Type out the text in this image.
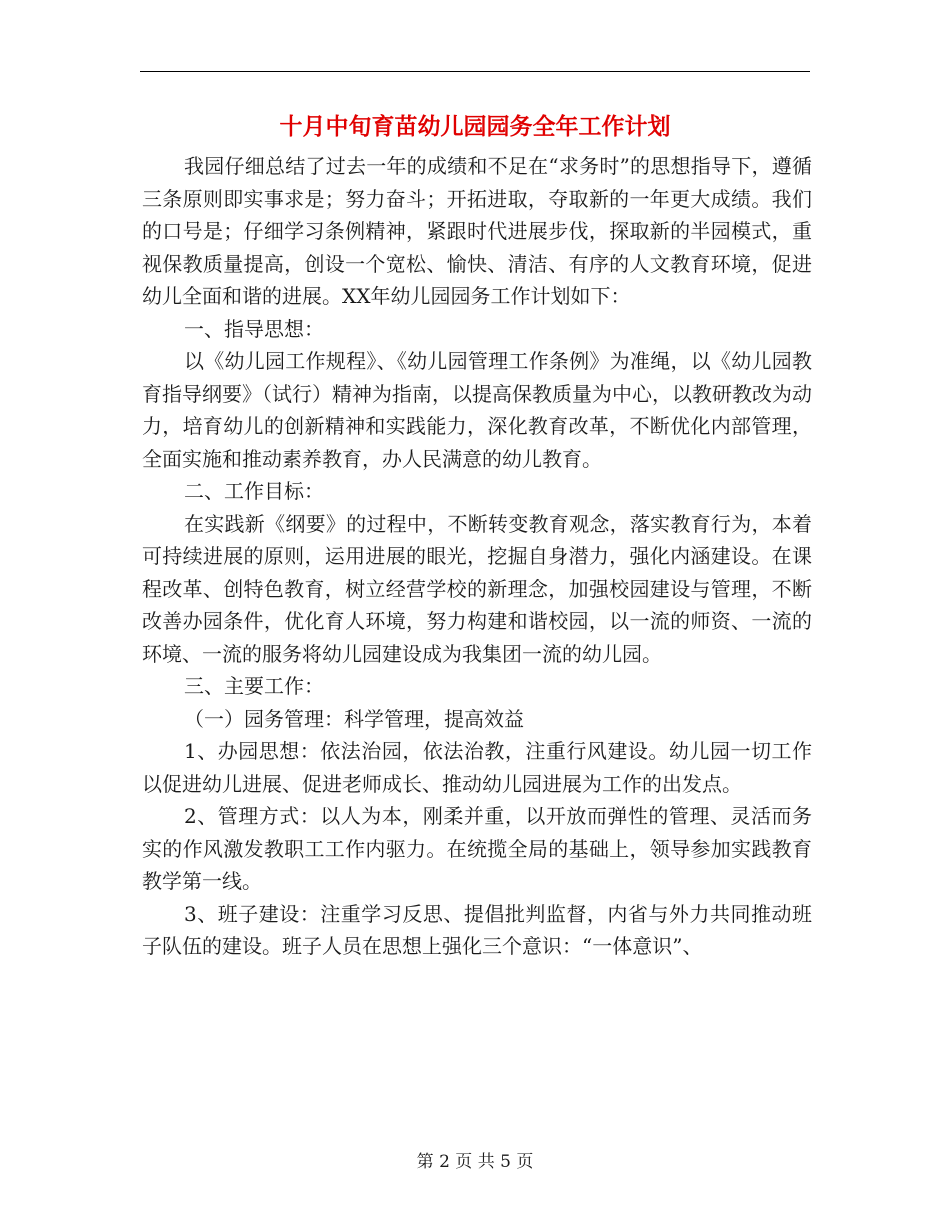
十月中旬育苗幼儿园园务全年工作计划

我园仔细总结了过去一年的成绩和不足在“求务时”的思想指导下，遵循三条原则即实事求是；努力奋斗；开拓进取，夺取新的一年更大成绩。我们的口号是；仔细学习条例精神，紧跟时代进展步伐，探取新的半园模式，重视保教质量提高，创设一个宽松、愉快、清洁、有序的人文教育环境，促进幼儿全面和谐的进展。XX年幼儿园园务工作计划如下：

一、指导思想：

以《幼儿园工作规程》、《幼儿园管理工作条例》为准绳，以《幼儿园教育指导纲要》（试行）精神为指南，以提高保教质量为中心，以教研教改为动力，培育幼儿的创新精神和实践能力，深化教育改革，不断优化内部管理，全面实施和推动素养教育，办人民满意的幼儿教育。

二、工作目标：

在实践新《纲要》的过程中，不断转变教育观念，落实教育行为，本着可持续进展的原则，运用进展的眼光，挖掘自身潜力，强化内涵建设。在课程改革、创特色教育，树立经营学校的新理念，加强校园建设与管理，不断改善办园条件，优化育人环境，努力构建和谐校园，以一流的师资、一流的环境、一流的服务将幼儿园建设成为我集团一流的幼儿园。

三、主要工作：

（一）园务管理：科学管理，提高效益

1、办园思想：依法治园，依法治教，注重行风建设。幼儿园一切工作以促进幼儿进展、促进老师成长、推动幼儿园进展为工作的出发点。

2、管理方式：以人为本，刚柔并重，以开放而弹性的管理、灵活而务实的作风激发教职工工作内驱力。在统揽全局的基础上，领导参加实践教育教学第一线。

3、班子建设：注重学习反思、提倡批判监督，内省与外力共同推动班子队伍的建设。班子人员在思想上强化三个意识：“一体意识”、

第 2 页 共 5 页
